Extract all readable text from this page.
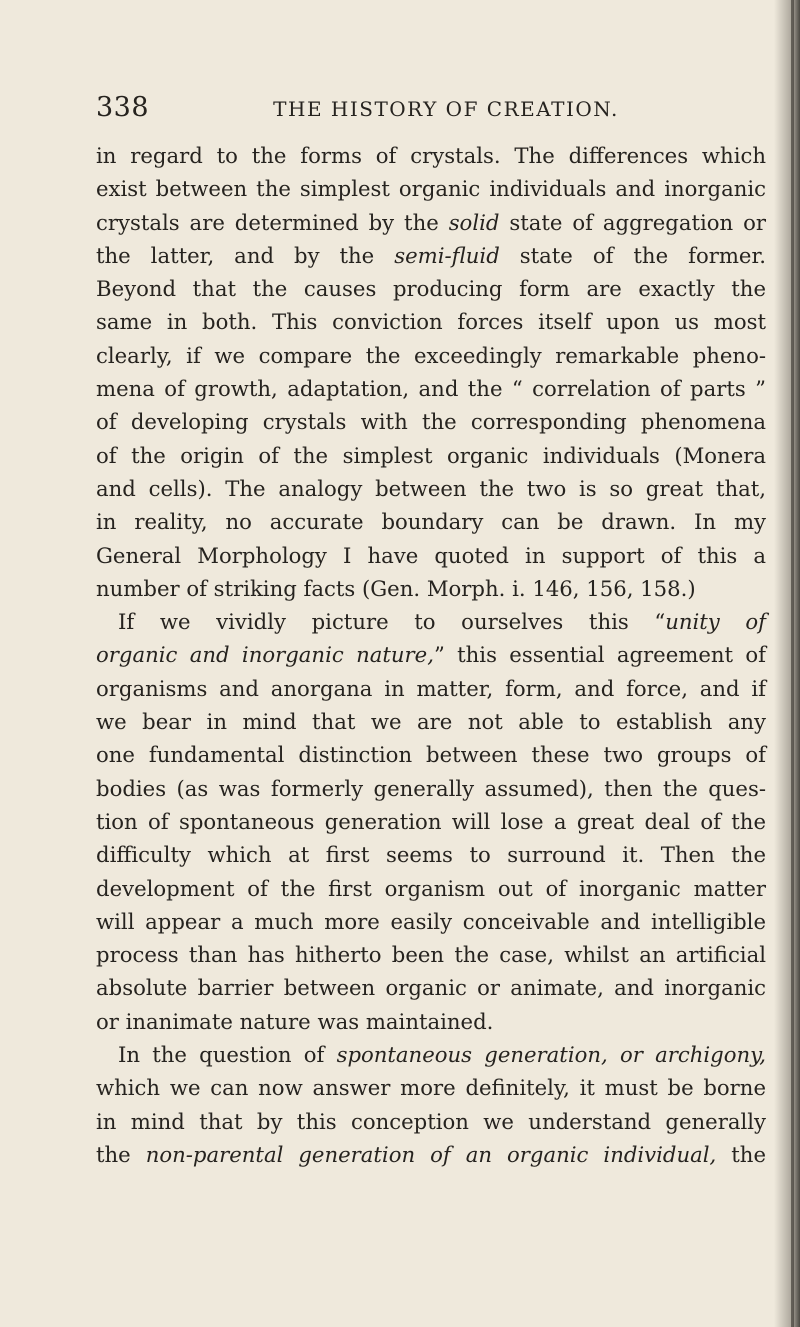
338	THE HISTORY OF CREATION.
in regard to the forms of crystals. The differences which
exist between the simplest organic individuals and inorganic
crystals are determined by the solid state of aggregation or
the latter, and by the semi-fluid state of the former.
Beyond that the causes producing form are exactly the
same in both. This conviction forces itself upon us most
clearly, if we compare the exceedingly remarkable pheno-
mena of growth, adaptation, and the “ correlation of parts ”
of developing crystals with the corresponding phenomena
of the origin of the simplest organic individuals (Monera
and cells). The analogy between the two is so great that,
in reality, no accurate boundary can be drawn. In my
General Morphology I have quoted in support of this a
number of striking facts (Gen. Morph. i. 146, 156, 158.)
If we vividly picture to ourselves this “unity of
organic and inorganic nature,” this essential agreement of
organisms and anorgana in matter, form, and force, and if
we bear in mind that we are not able to establish any
one fundamental distinction between these two groups of
bodies (as was formerly generally assumed), then the ques-
tion of spontaneous generation will lose a great deal of the
difficulty which at first seems to surround it. Then the
development of the first organism out of inorganic matter
will appear a much more easily conceivable and intelligible
process than has hitherto been the case, whilst an artificial
absolute barrier between organic or animate, and inorganic
or inanimate nature was maintained.
In the question of spontaneous generation, or archigony,
which we can now answer more definitely, it must be borne
in mind that by this conception we understand generally
the non-parental generation of an organic individual, the
